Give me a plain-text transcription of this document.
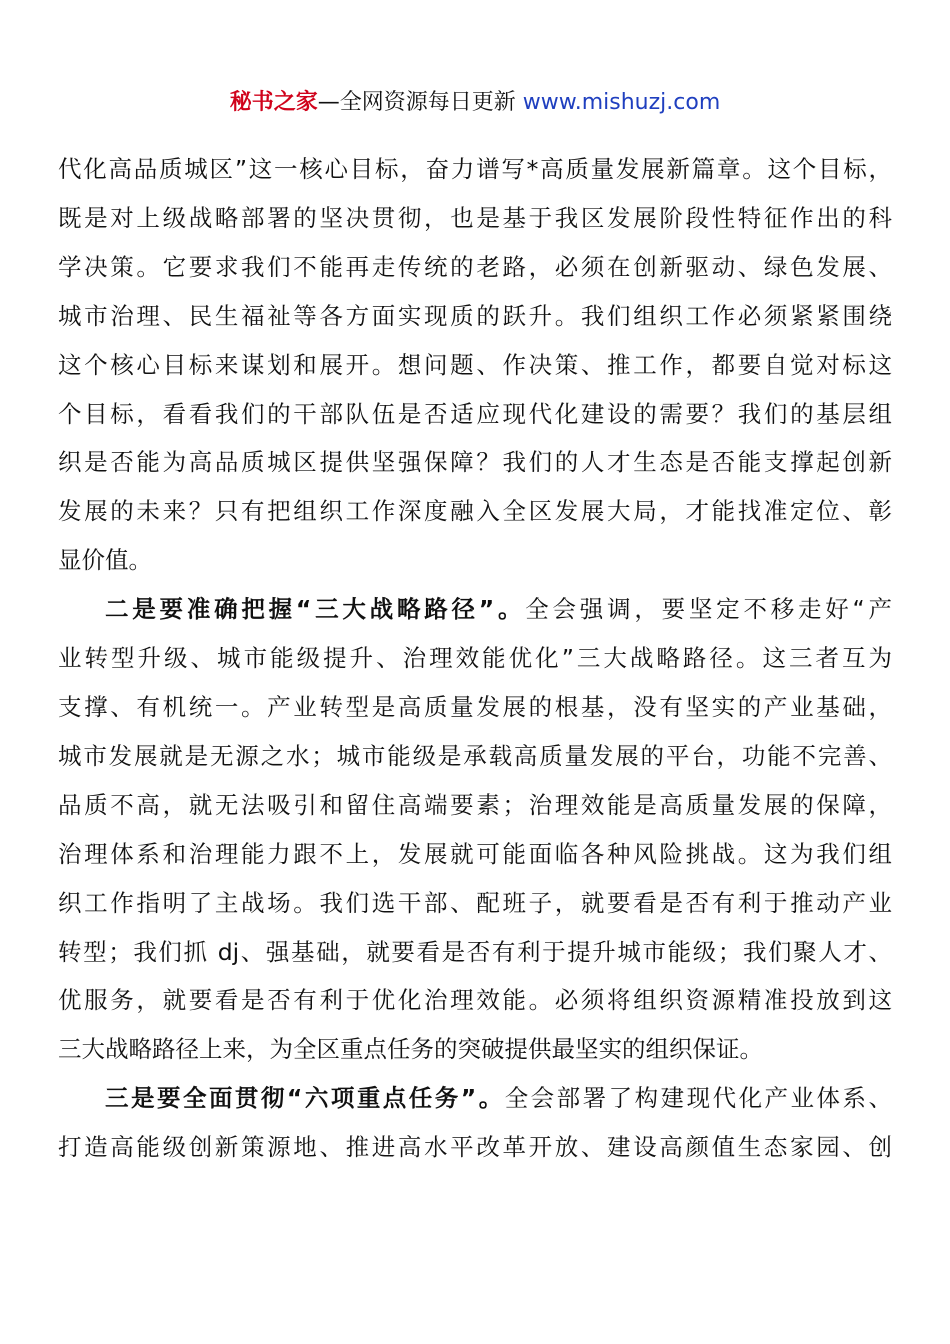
秘书之家—全网资源每日更新 www.mishuzj.com
代化高品质城区”这一核心目标，奋力谱写*高质量发展新篇章。这个目标，
既是对上级战略部署的坚决贯彻，也是基于我区发展阶段性特征作出的科
学决策。它要求我们不能再走传统的老路，必须在创新驱动、绿色发展、
城市治理、民生福祉等各方面实现质的跃升。我们组织工作必须紧紧围绕
这个核心目标来谋划和展开。想问题、作决策、推工作，都要自觉对标这
个目标，看看我们的干部队伍是否适应现代化建设的需要？我们的基层组
织是否能为高品质城区提供坚强保障？我们的人才生态是否能支撑起创新
发展的未来？只有把组织工作深度融入全区发展大局，才能找准定位、彰
显价值。
二是要准确把握“三大战略路径”。全会强调，要坚定不移走好“产
业转型升级、城市能级提升、治理效能优化”三大战略路径。这三者互为
支撑、有机统一。产业转型是高质量发展的根基，没有坚实的产业基础，
城市发展就是无源之水；城市能级是承载高质量发展的平台，功能不完善、
品质不高，就无法吸引和留住高端要素；治理效能是高质量发展的保障，
治理体系和治理能力跟不上，发展就可能面临各种风险挑战。这为我们组
织工作指明了主战场。我们选干部、配班子，就要看是否有利于推动产业
转型；我们抓 dj、强基础，就要看是否有利于提升城市能级；我们聚人才、
优服务，就要看是否有利于优化治理效能。必须将组织资源精准投放到这
三大战略路径上来，为全区重点任务的突破提供最坚实的组织保证。
三是要全面贯彻“六项重点任务”。全会部署了构建现代化产业体系、
打造高能级创新策源地、推进高水平改革开放、建设高颜值生态家园、创
